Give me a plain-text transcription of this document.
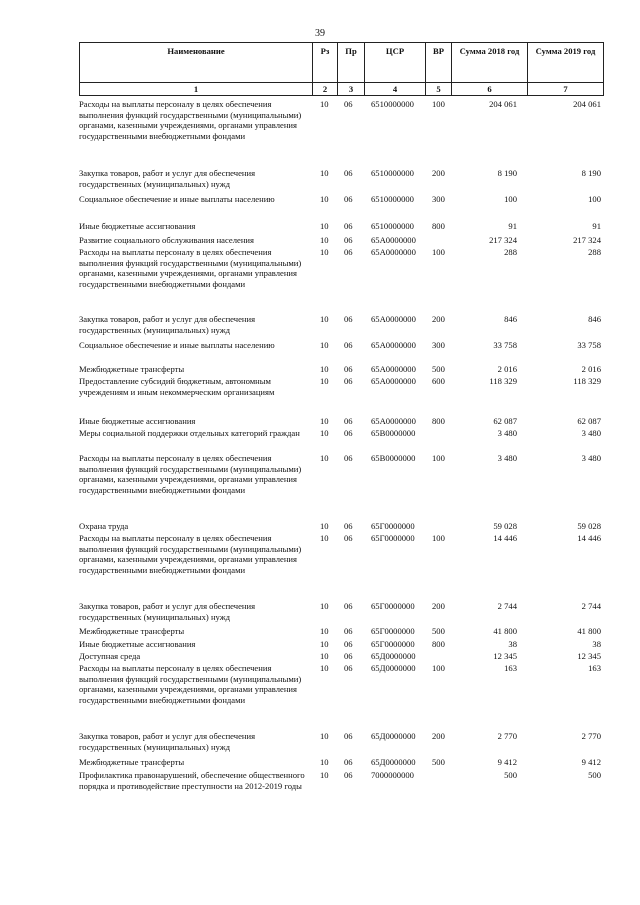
39
Наименование	Рз	Пр	ЦСР	ВР	Сумма 2018 год	Сумма 2019 год
1	2	3	4	5	6	7
Расходы на выплаты персоналу в целях обеспечения выполнения функций государственными (муниципальными) органами, казенными учреждениями, органами управления государственными внебюджетными фондами
10 06 6510000000 100	204 061	204 061
Закупка товаров, работ и услуг для обеспечения государственных (муниципальных) нужд
10 06 6510000000 200	8 190	8 190
Социальное обеспечение и иные выплаты населению	10 06 6510000000 300	100	100
Иные бюджетные ассигнования	10 06 6510000000 800	91	91
Развитие социального обслуживания населения	10 06 65А0000000	217 324	217 324
Расходы на выплаты персоналу в целях обеспечения выполнения функций государственными (муниципальными) органами, казенными учреждениями, органами управления государственными внебюджетными фондами
10 06 65А0000000 100	288	288
Закупка товаров, работ и услуг для обеспечения государственных (муниципальных) нужд
10 06 65А0000000 200	846	846
Социальное обеспечение и иные выплаты населению	10 06 65А0000000 300	33 758	33 758
Межбюджетные трансферты	10 06 65А0000000 500	2 016	2 016
Предоставление субсидий бюджетным, автономным учреждениям и иным некоммерческим организациям
10 06 65А0000000 600	118 329	118 329
Иные бюджетные ассигнования	10 06 65А0000000 800	62 087	62 087
Меры социальной поддержки отдельных категорий граждан	10 06 65В0000000	3 480	3 480
Расходы на выплаты персоналу в целях обеспечения выполнения функций государственными (муниципальными) органами, казенными учреждениями, органами управления государственными внебюджетными фондами
10 06 65В0000000 100	3 480	3 480
Охрана труда	10 06 65Г0000000	59 028	59 028
Расходы на выплаты персоналу в целях обеспечения выполнения функций государственными (муниципальными) органами, казенными учреждениями, органами управления государственными внебюджетными фондами
10 06 65Г0000000 100	14 446	14 446
Закупка товаров, работ и услуг для обеспечения государственных (муниципальных) нужд
10 06 65Г0000000 200	2 744	2 744
Межбюджетные трансферты	10 06 65Г0000000 500	41 800	41 800
Иные бюджетные ассигнования	10 06 65Г0000000 800	38	38
Доступная среда	10 06 65Д0000000	12 345	12 345
Расходы на выплаты персоналу в целях обеспечения выполнения функций государственными (муниципальными) органами, казенными учреждениями, органами управления государственными внебюджетными фондами
10 06 65Д0000000 100	163	163
Закупка товаров, работ и услуг для обеспечения государственных (муниципальных) нужд
10 06 65Д0000000 200	2 770	2 770
Межбюджетные трансферты	10 06 65Д0000000 500	9 412	9 412
Профилактика правонарушений, обеспечение общественного порядка и противодействие преступности на 2012-2019 годы
10 06 7000000000	500	500
